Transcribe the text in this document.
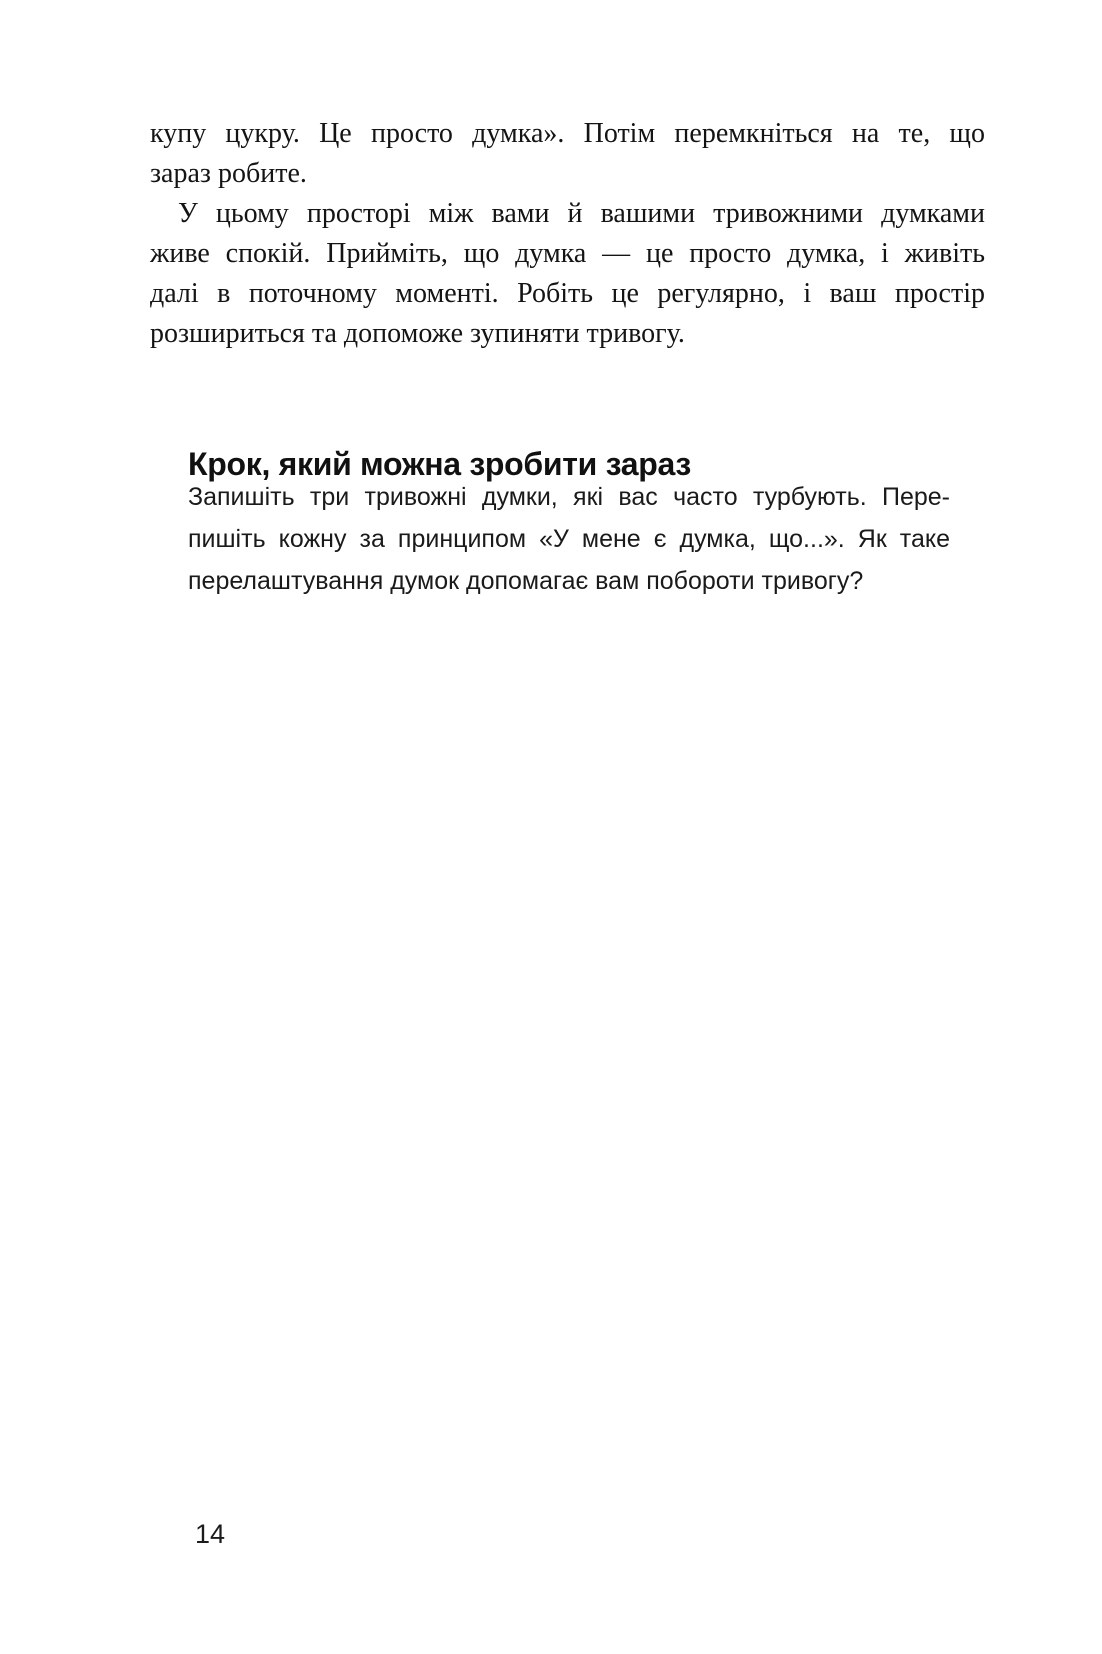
купу цукру. Це просто думка». Потім перемкніться на те, що
зараз робите.
У цьому просторі між вами й вашими тривожними думками
живе спокій. Прийміть, що думка — це просто думка, і живіть
далі в поточному моменті. Робіть це регулярно, і ваш простір
розшириться та допоможе зупиняти тривогу.
Крок, який можна зробити зараз
Запишіть три тривожні думки, які вас часто турбують. Пере-
пишіть кожну за принципом «У мене є думка, що...». Як таке
перелаштування думок допомагає вам побороти тривогу?
14
